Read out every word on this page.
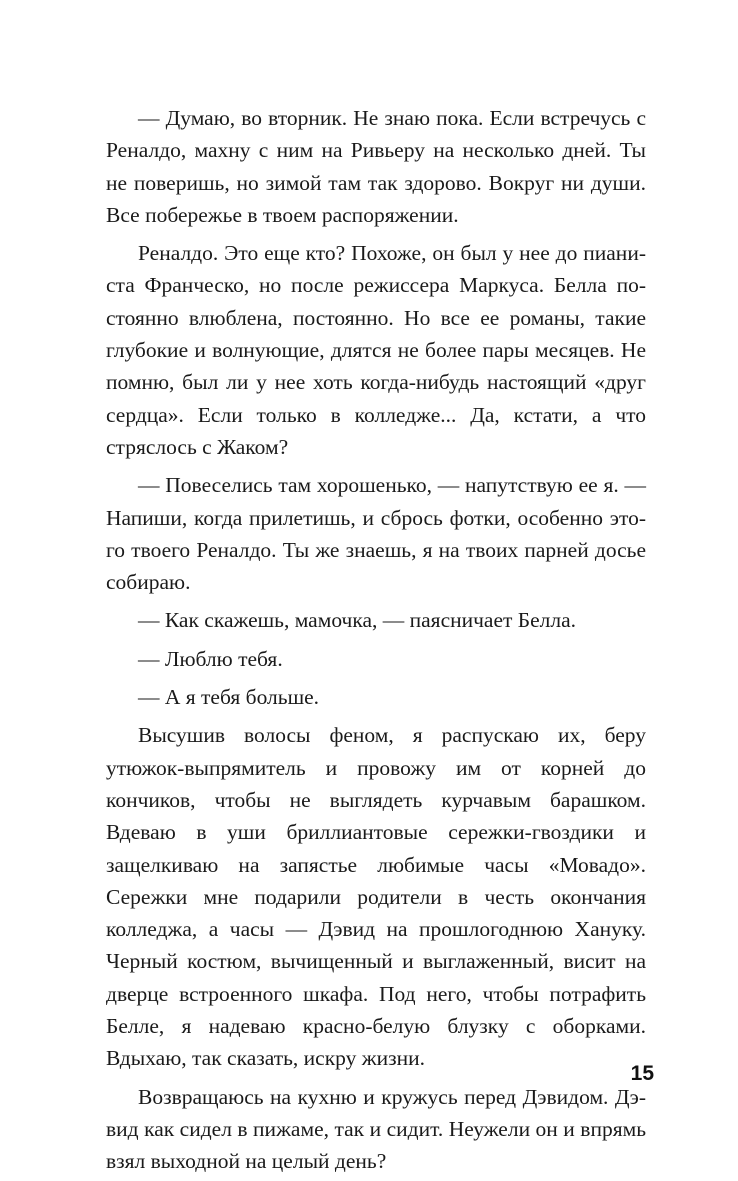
— Думаю, во вторник. Не знаю пока. Если встречусь с Реналдо, махну с ним на Ривьеру на несколько дней. Ты не поверишь, но зимой там так здорово. Вокруг ни души. Все побережье в твоем распоряжении.

Реналдо. Это еще кто? Похоже, он был у нее до пианиста Франческо, но после режиссера Маркуса. Белла постоянно влюблена, постоянно. Но все ее романы, такие глубокие и волнующие, длятся не более пары месяцев. Не помню, был ли у нее хоть когда-нибудь настоящий «друг сердца». Если только в колледже... Да, кстати, а что стряслось с Жаком?

— Повеселись там хорошенько, — напутствую ее я. — Напиши, когда прилетишь, и сбрось фотки, особенно этого твоего Реналдо. Ты же знаешь, я на твоих парней досье собираю.

— Как скажешь, мамочка, — паясничает Белла.

— Люблю тебя.

— А я тебя больше.

Высушив волосы феном, я распускаю их, беру утюжок-выпрямитель и провожу им от корней до кончиков, чтобы не выглядеть курчавым барашком. Вдеваю в уши бриллиантовые сережки-гвоздики и защелкиваю на запястье любимые часы «Мовадо». Сережки мне подарили родители в честь окончания колледжа, а часы — Дэвид на прошлогоднюю Хануку. Черный костюм, вычищенный и выглаженный, висит на дверце встроенного шкафа. Под него, чтобы потрафить Белле, я надеваю красно-белую блузку с оборками. Вдыхаю, так сказать, искру жизни.

Возвращаюсь на кухню и кружусь перед Дэвидом. Дэвид как сидел в пижаме, так и сидит. Неужели он и впрямь взял выходной на целый день?

15
